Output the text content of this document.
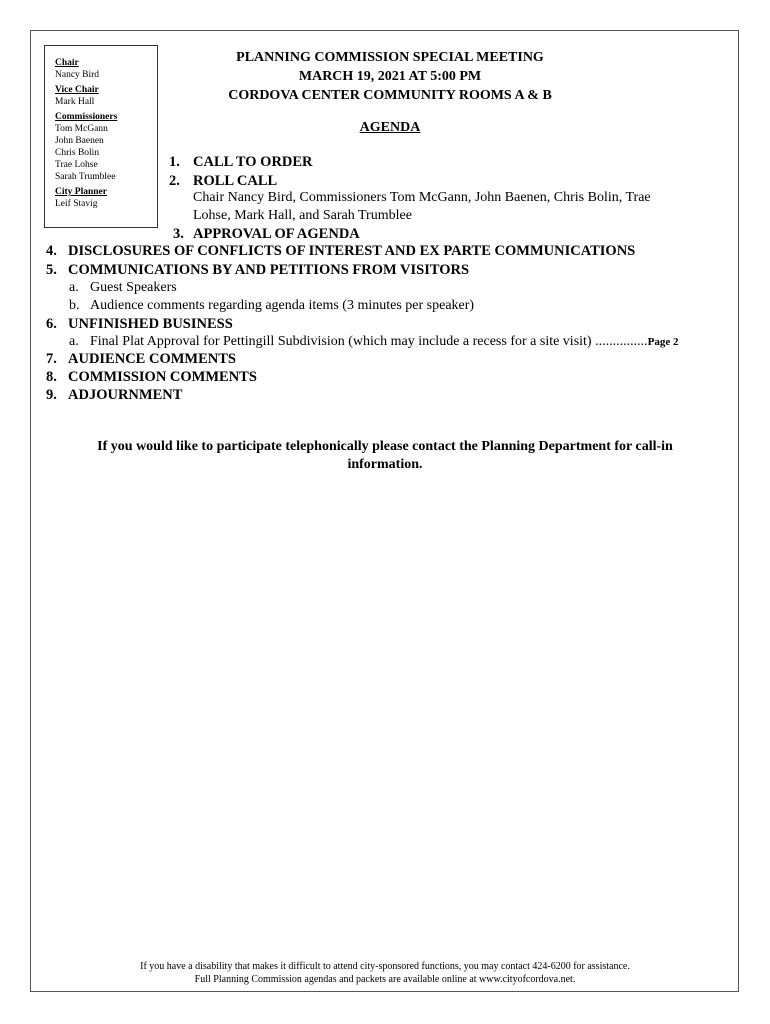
Chair
Nancy Bird
Vice Chair
Mark Hall
Commissioners
Tom McGann
John Baenen
Chris Bolin
Trae Lohse
Sarah Trumblee
City Planner
Leif Stavig
PLANNING COMMISSION SPECIAL MEETING
MARCH 19, 2021 AT 5:00 PM
CORDOVA CENTER COMMUNITY ROOMS A & B
AGENDA
1. CALL TO ORDER
2. ROLL CALL
Chair Nancy Bird, Commissioners Tom McGann, John Baenen, Chris Bolin, Trae
Lohse, Mark Hall, and Sarah Trumblee
3. APPROVAL OF AGENDA
4. DISCLOSURES OF CONFLICTS OF INTEREST AND EX PARTE COMMUNICATIONS
5. COMMUNICATIONS BY AND PETITIONS FROM VISITORS
a. Guest Speakers
b. Audience comments regarding agenda items (3 minutes per speaker)
6. UNFINISHED BUSINESS
a. Final Plat Approval for Pettingill Subdivision (which may include a recess for a site visit) ...............Page 2
7. AUDIENCE COMMENTS
8. COMMISSION COMMENTS
9. ADJOURNMENT
If you would like to participate telephonically please contact the Planning Department for call-in
information.
If you have a disability that makes it difficult to attend city-sponsored functions, you may contact 424-6200 for assistance.
Full Planning Commission agendas and packets are available online at www.cityofcordova.net.
